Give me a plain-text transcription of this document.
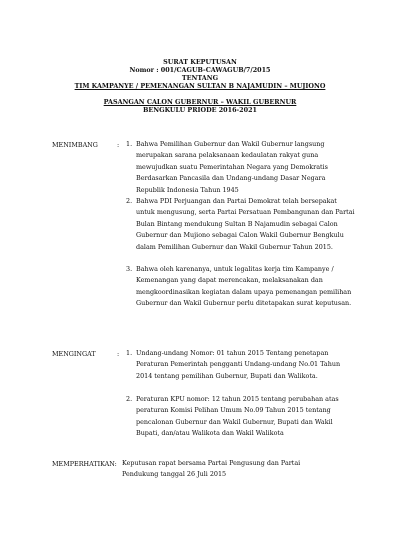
SURAT KEPUTUSAN
Nomor : 001/CAGUB-CAWAGUB/7/2015
TENTANG
TIM KAMPANYE / PEMENANGAN SULTAN B NAJAMUDIN – MUJIONO
PASANGAN CALON GUBERNUR – WAKIL GUBERNUR
BENGKULU PRIODE 2016-2021
MENIMBANG	: 1. Bahwa Pemilihan Gubernur dan Wakil Gubernur langsung merupakan sarana pelaksanaan kedaulatan rakyat guna mewujudkan suatu Pemerintahan Negara yang Demokratis Berdasarkan Pancasila dan Undang-undang Dasar Negara Republik Indonesia Tahun 1945
2. Bahwa PDI Perjuangan dan Partai Demokrat telah bersepakat untuk mengusung, serta Partai Persatuan Pembangunan dan Partai Bulan Bintang mendukung Sultan B Najamudin sebagai Calon Gubernur dan Mujiono sebagai Calon Wakil Gubernur Bengkulu dalam Pemilihan Gubernur dan Wakil Gubernur Tahun 2015.
3. Bahwa oleh karenanya, untuk legalitas kerja tim Kampanye / Kemenangan yang dapat merencakan, melaksanakan dan mengkoordinasikan kegiatan dalam upaya pemenangan pemilihan Gubernur dan Wakil Gubernur perlu ditetapakan surat keputusan.
MENGINGAT	: 1. Undang-undang Nomor: 01 tahun 2015 Tentang penetapan Peraturan Pemerintah pengganti Undang-undang No.01 Tahun 2014 tentang pemilihan Gubernur, Bupati dan Walikota.
2. Peraturan KPU nomor: 12 tahun 2015 tentang perubahan atas peraturan Komisi Pelihan Umum No.09 Tahun 2015 tentang pencalonan Gubernur dan Wakil Gubernur, Bupati dan Wakil Bupati, dan/atau Walikota dan Wakil Walikota
MEMPERHATIKAN: Keputusan rapat bersama Partai Pengusung dan Partai Pendukung tanggal 26 Juli 2015
